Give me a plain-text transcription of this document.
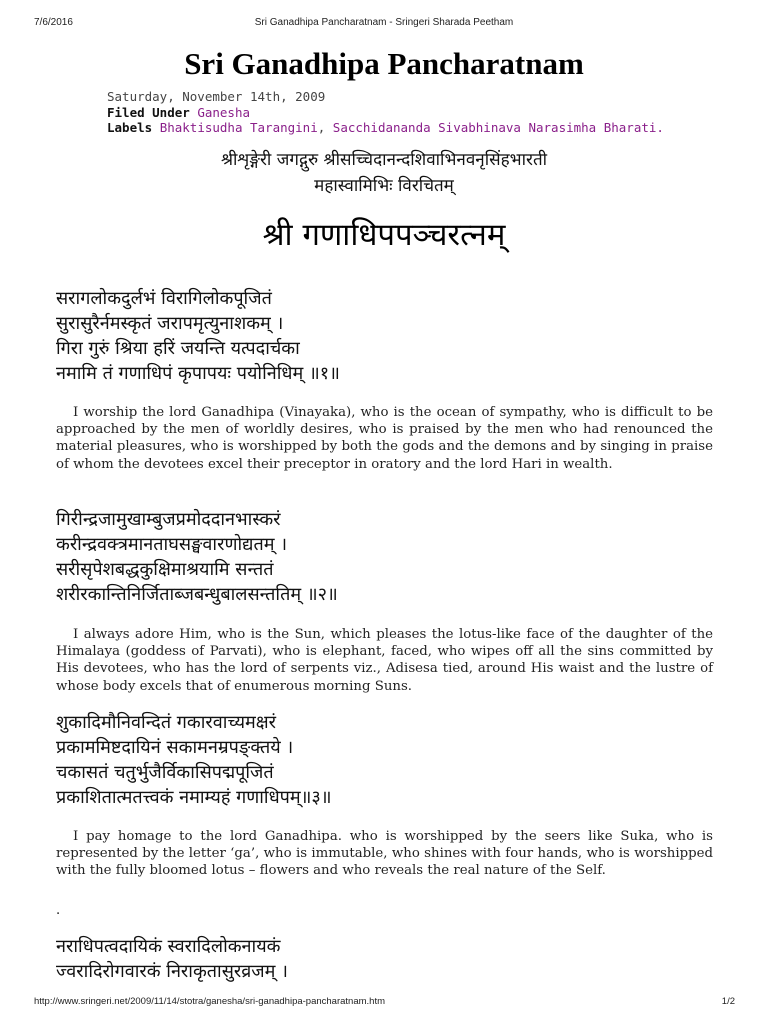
7/6/2016	Sri Ganadhipa Pancharatnam - Sringeri Sharada Peetham
Sri Ganadhipa Pancharatnam
Saturday, November 14th, 2009
Filed Under Ganesha
Labels Bhaktisudha Tarangini, Sacchidananda Sivabhinava Narasimha Bharati.
श्रीशृङ्गेरी जगद्गुरु श्रीसच्चिदानन्दशिवाभिनवनृसिंहभारती
महास्वामिभिः विरचितम्
श्री गणाधिपपञ्चरत्नम्
सरागलोकदुर्लभं विरागिलोकपूजितं
सुरासुरैर्नमस्कृतं जरापमृत्युनाशकम् ।
गिरा गुरुं श्रिया हरिं जयन्ति यत्पदार्चका
नमामि तं गणाधिपं कृपापयः पयोनिधिम् ॥१॥
I worship the lord Ganadhipa (Vinayaka), who is the ocean of sympathy, who is difficult to be approached by the men of worldly desires, who is praised by the men who had renounced the material pleasures, who is worshipped by both the gods and the demons and by singing in praise of whom the devotees excel their preceptor in oratory and the lord Hari in wealth.
गिरीन्द्रजामुखाम्बुजप्रमोददानभास्करं
करीन्द्रवक्त्रमानताघसङ्घवारणोद्यतम् ।
सरीसृपेशबद्धकुक्षिमाश्रयामि सन्ततं
शरीरकान्तिनिर्जिताब्जबन्धुबालसन्ततिम् ॥२॥
I always adore Him, who is the Sun, which pleases the lotus-like face of the daughter of the Himalaya (goddess of Parvati), who is elephant, faced, who wipes off all the sins committed by His devotees, who has the lord of serpents viz., Adisesa tied, around His waist and the lustre of whose body excels that of enumerous morning Suns.
शुकादिमौनिवन्दितं गकारवाच्यमक्षरं
प्रकाममिष्टदायिनं सकामनम्रपङ्क्तये ।
चकासतं चतुर्भुजैर्विकासिपद्मपूजितं
प्रकाशितात्मतत्त्वकं नमाम्यहं गणाधिपम्॥३॥
I pay homage to the lord Ganadhipa. who is worshipped by the seers like Suka, who is represented by the letter ‘ga’, who is immutable, who shines with four hands, who is worshipped with the fully bloomed lotus – flowers and who reveals the real nature of the Self.
.
नराधिपत्वदायिकं स्वरादिलोकनायकं
ज्वरादिरोगवारकं निराकृतासुरव्रजम् ।
http://www.sringeri.net/2009/11/14/stotra/ganesha/sri-ganadhipa-pancharatnam.htm	1/2
